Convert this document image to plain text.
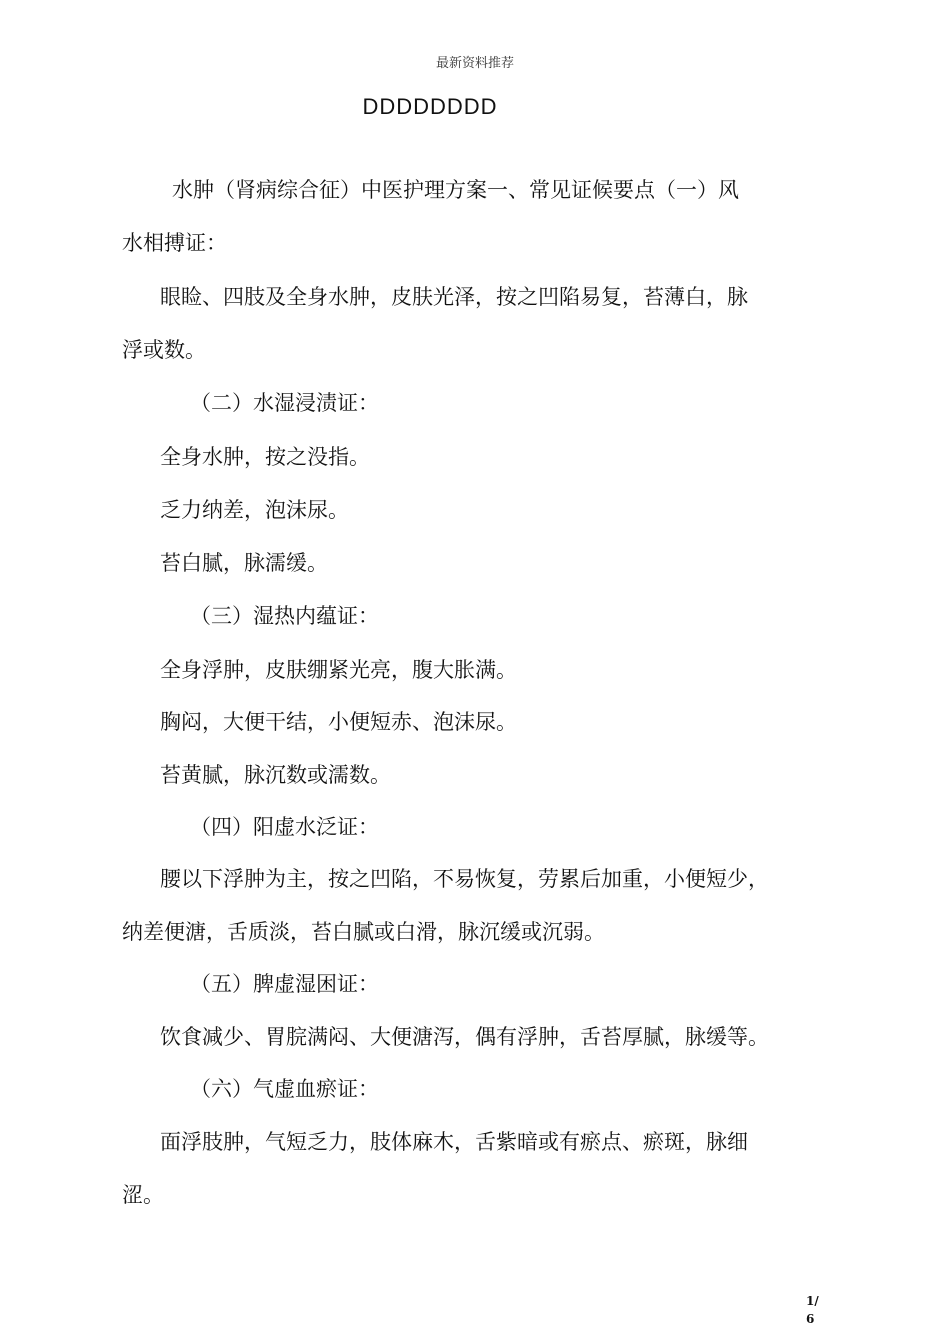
最新资料推荐
DDDDDDDD
水肿（肾病综合征）中医护理方案一、常见证候要点（一）风
水相搏证：
眼睑、四肢及全身水肿，皮肤光泽，按之凹陷易复，苔薄白，脉
浮或数。
（二）水湿浸渍证：
全身水肿，按之没指。
乏力纳差，泡沫尿。
苔白腻，脉濡缓。
（三）湿热内蕴证：
全身浮肿，皮肤绷紧光亮，腹大胀满。
胸闷，大便干结，小便短赤、泡沫尿。
苔黄腻，脉沉数或濡数。
（四）阳虚水泛证：
腰以下浮肿为主，按之凹陷，不易恢复，劳累后加重，小便短少，
纳差便溏，舌质淡，苔白腻或白滑，脉沉缓或沉弱。
（五）脾虚湿困证：
饮食减少、胃脘满闷、大便溏泻，偶有浮肿，舌苔厚腻，脉缓等。
（六）气虚血瘀证：
面浮肢肿，气短乏力，肢体麻木，舌紫暗或有瘀点、瘀斑，脉细
涩。
1/
6
